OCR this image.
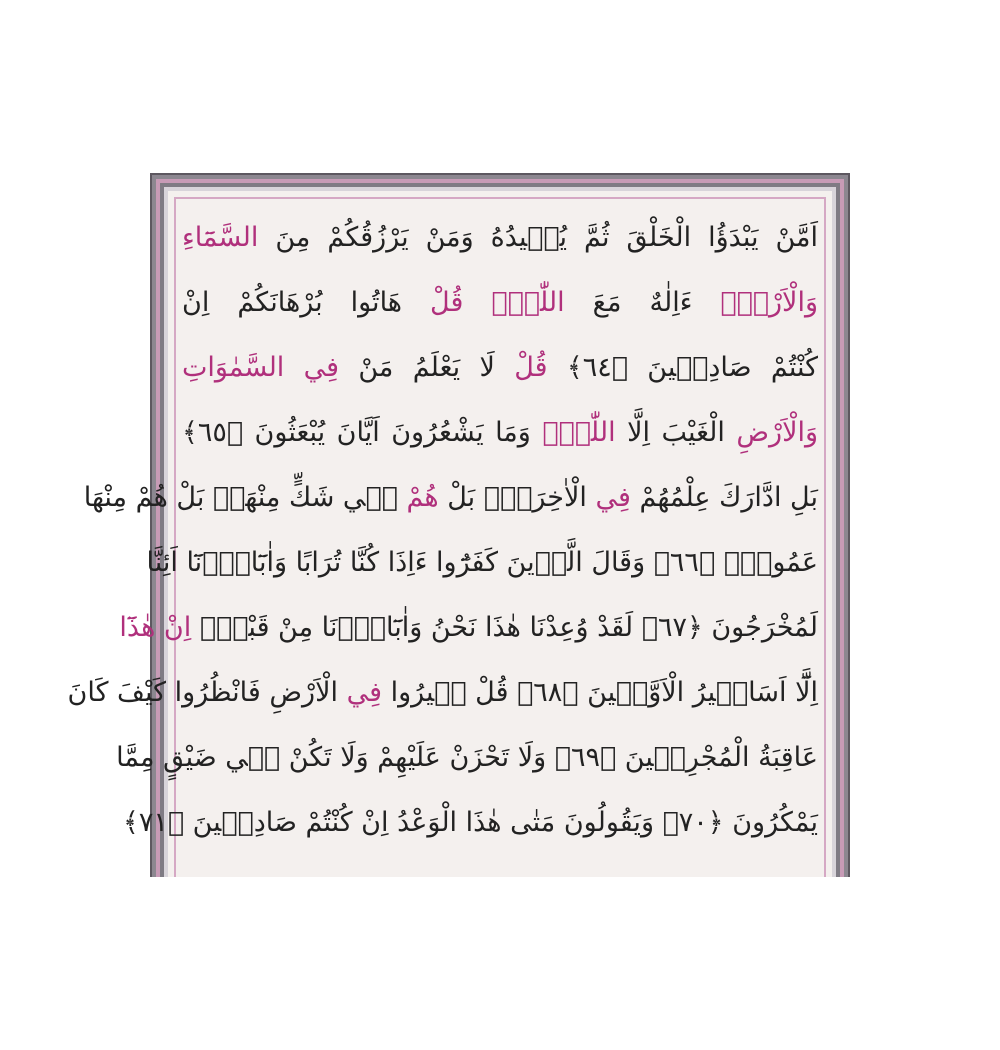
اَمَّنْ يَبْدَؤُا الْخَلْقَ ثُمَّ يُع۪يدُهُ وَمَنْ يَرْزُقُكُمْ مِنَ السَّمَٓاءِ
وَالْاَرْضِۜ ءَاِلٰهٌ مَعَ اللّٰهِۜ قُلْ هَاتُوا بُرْهَانَكُمْ اِنْ
كُنْتُمْ صَادِق۪ينَ ﴿٦٤﴾ قُلْ لَا يَعْلَمُ مَنْ فِي السَّمٰوَاتِ
وَالْاَرْضِ الْغَيْبَ اِلَّا اللّٰهُۜ وَمَا يَشْعُرُونَ اَيَّانَ يُبْعَثُونَ ﴿٦٥﴾
بَلِ ادَّارَكَ عِلْمُهُمْ فِي الْاٰخِرَةِ۠ بَلْ هُمْ ف۪ي شَكٍّ مِنْهَاۘ بَلْ هُمْ مِنْهَا
عَمُونَ۟ ﴿٦٦﴾ وَقَالَ الَّذ۪ينَ كَفَرُٓوا ءَاِذَا كُنَّا تُرَابًا وَاٰبَٓاؤُ۬نَٓا اَئِنَّا
لَمُخْرَجُونَ ﴿٦٧﴾ لَقَدْ وُعِدْنَا هٰذَا نَحْنُ وَاٰبَٓاؤُ۬نَا مِنْ قَبْلُۙ اِنْ هٰذَٓا
اِلَّٓا اَسَاط۪يرُ الْاَوَّل۪ينَ ﴿٦٨﴾ قُلْ س۪يرُوا فِي الْاَرْضِ فَانْظُرُوا كَيْفَ كَانَ
عَاقِبَةُ الْمُجْرِم۪ينَ ﴿٦٩﴾ وَلَا تَحْزَنْ عَلَيْهِمْ وَلَا تَكُنْ ف۪ي ضَيْقٍ مِمَّا
يَمْكُرُونَ ﴿٧٠﴾ وَيَقُولُونَ مَتٰى هٰذَا الْوَعْدُ اِنْ كُنْتُمْ صَادِق۪ينَ ﴿٧١﴾
